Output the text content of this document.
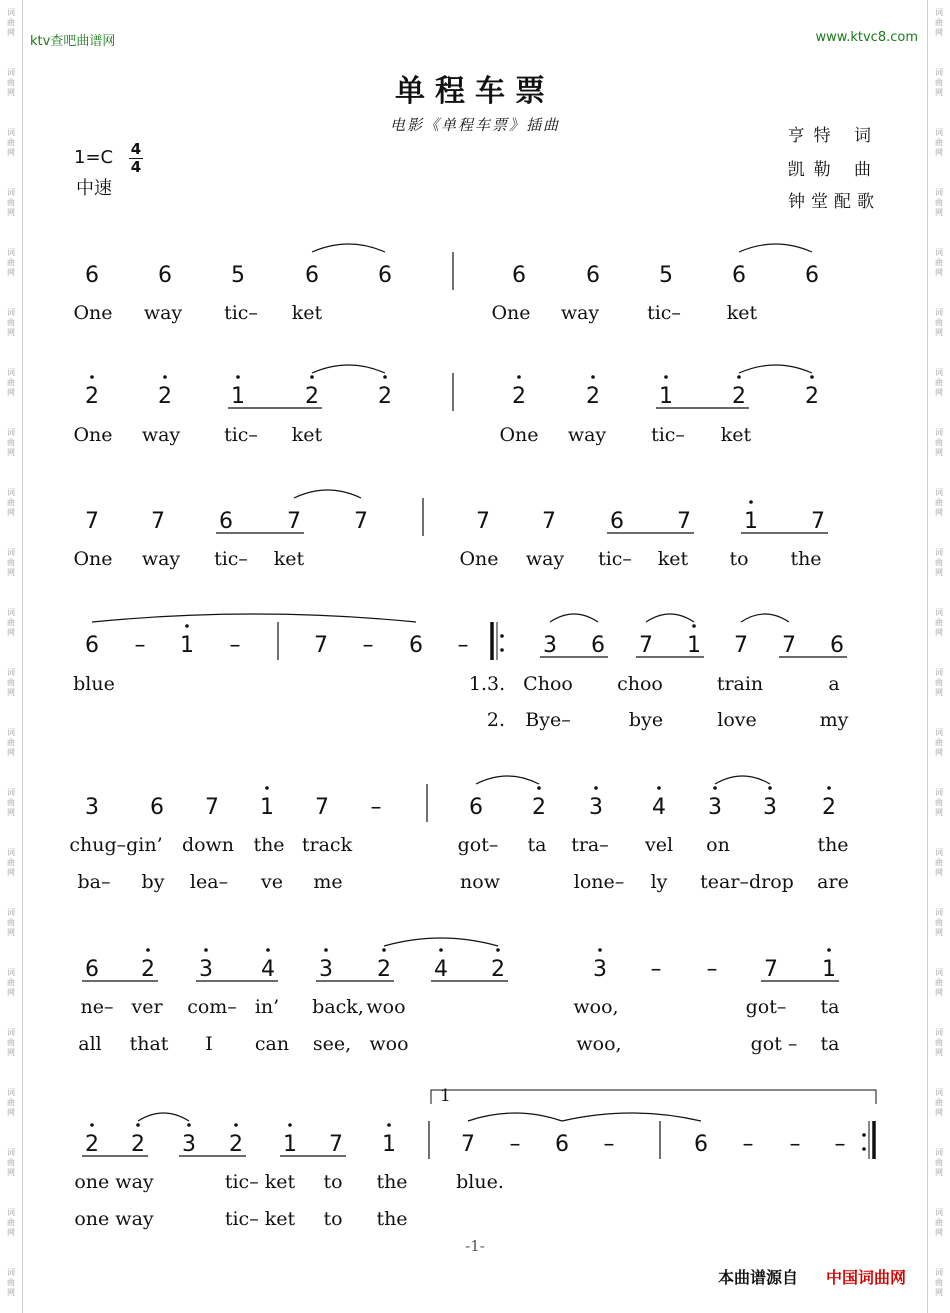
词
曲
网
词
曲
网
词
曲
网
词
曲
网
词
曲
网
词
曲
网
词
曲
网
词
曲
网
词
曲
网
词
曲
网
词
曲
网
词
曲
网
词
曲
网
词
曲
网
词
曲
网
词
曲
网
词
曲
网
词
曲
网
词
曲
网
词
曲
网
词
曲
网
词
曲
网
词
曲
网
词
曲
网
词
曲
网
词
曲
网
词
曲
网
词
曲
网
词
曲
网
词
曲
网
词
曲
网
词
曲
网
词
曲
网
词
曲
网
词
曲
网
词
曲
网
词
曲
网
词
曲
网
词
曲
网
词
曲
网
词
曲
网
词
曲
网
词
曲
网
词
曲
网
ktv查吧曲谱网	www.ktvc8.com
单程车票
电影《单程车票》插曲
亨特 词
凯勒 曲
钟堂配歌
1=C 4
4
中速
6	6	5	6	6	6	6	5	6	6
One way tic– ket	One way	tic– ket
2	2	1	2	2	2	2	1	2	2
One way tic– ket	One way tic– ket
7 7 6 7 7	7 7 6 7 1 7
One way tic– ket	One way tic– ket to the
6 – 1 –	7 – 6 –	3 6 7 1 7 7 6
blue	1.3. Choo choo	train	a
2. Bye–	bye	love	my
3 6 7 1 7 –	6 2 3 4 3 3 2
chug–gin’ down the track	got– ta tra– vel on	the
ba– by lea– ve me	now	lone– ly tear–drop are
6 2 3 4 3 2 4 2	3 – – 7 1
ne– ver com– in’ back, woo	woo,	got– ta
all that I can see, woo	woo,	got – ta
2 2 3 2 1 7 1	7 – 6 –	6 – – –
one way	tic– ket to the	blue.
one way	tic– ket to the
1
-1-
本曲谱源自 中国词曲网
